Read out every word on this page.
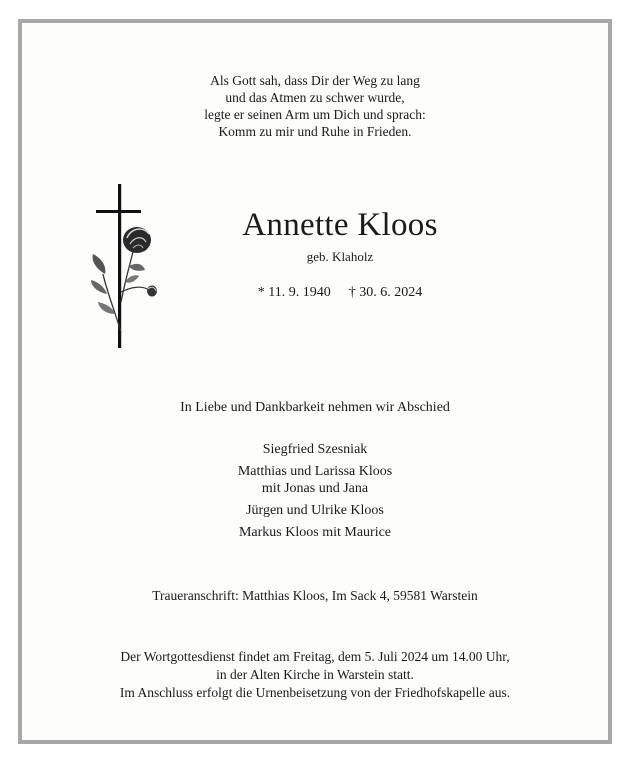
Als Gott sah, dass Dir der Weg zu lang
und das Atmen zu schwer wurde,
legte er seinen Arm um Dich und sprach:
Komm zu mir und Ruhe in Frieden.
Annette Kloos
geb. Klaholz
* 11. 9. 1940 † 30. 6. 2024
In Liebe und Dankbarkeit nehmen wir Abschied
Siegfried Szesniak
Matthias und Larissa Kloos
mit Jonas und Jana
Jürgen und Ulrike Kloos
Markus Kloos mit Maurice
Traueranschrift: Matthias Kloos, Im Sack 4, 59581 Warstein
Der Wortgottesdienst findet am Freitag, dem 5. Juli 2024 um 14.00 Uhr,
in der Alten Kirche in Warstein statt.
Im Anschluss erfolgt die Urnenbeisetzung von der Friedhofskapelle aus.
